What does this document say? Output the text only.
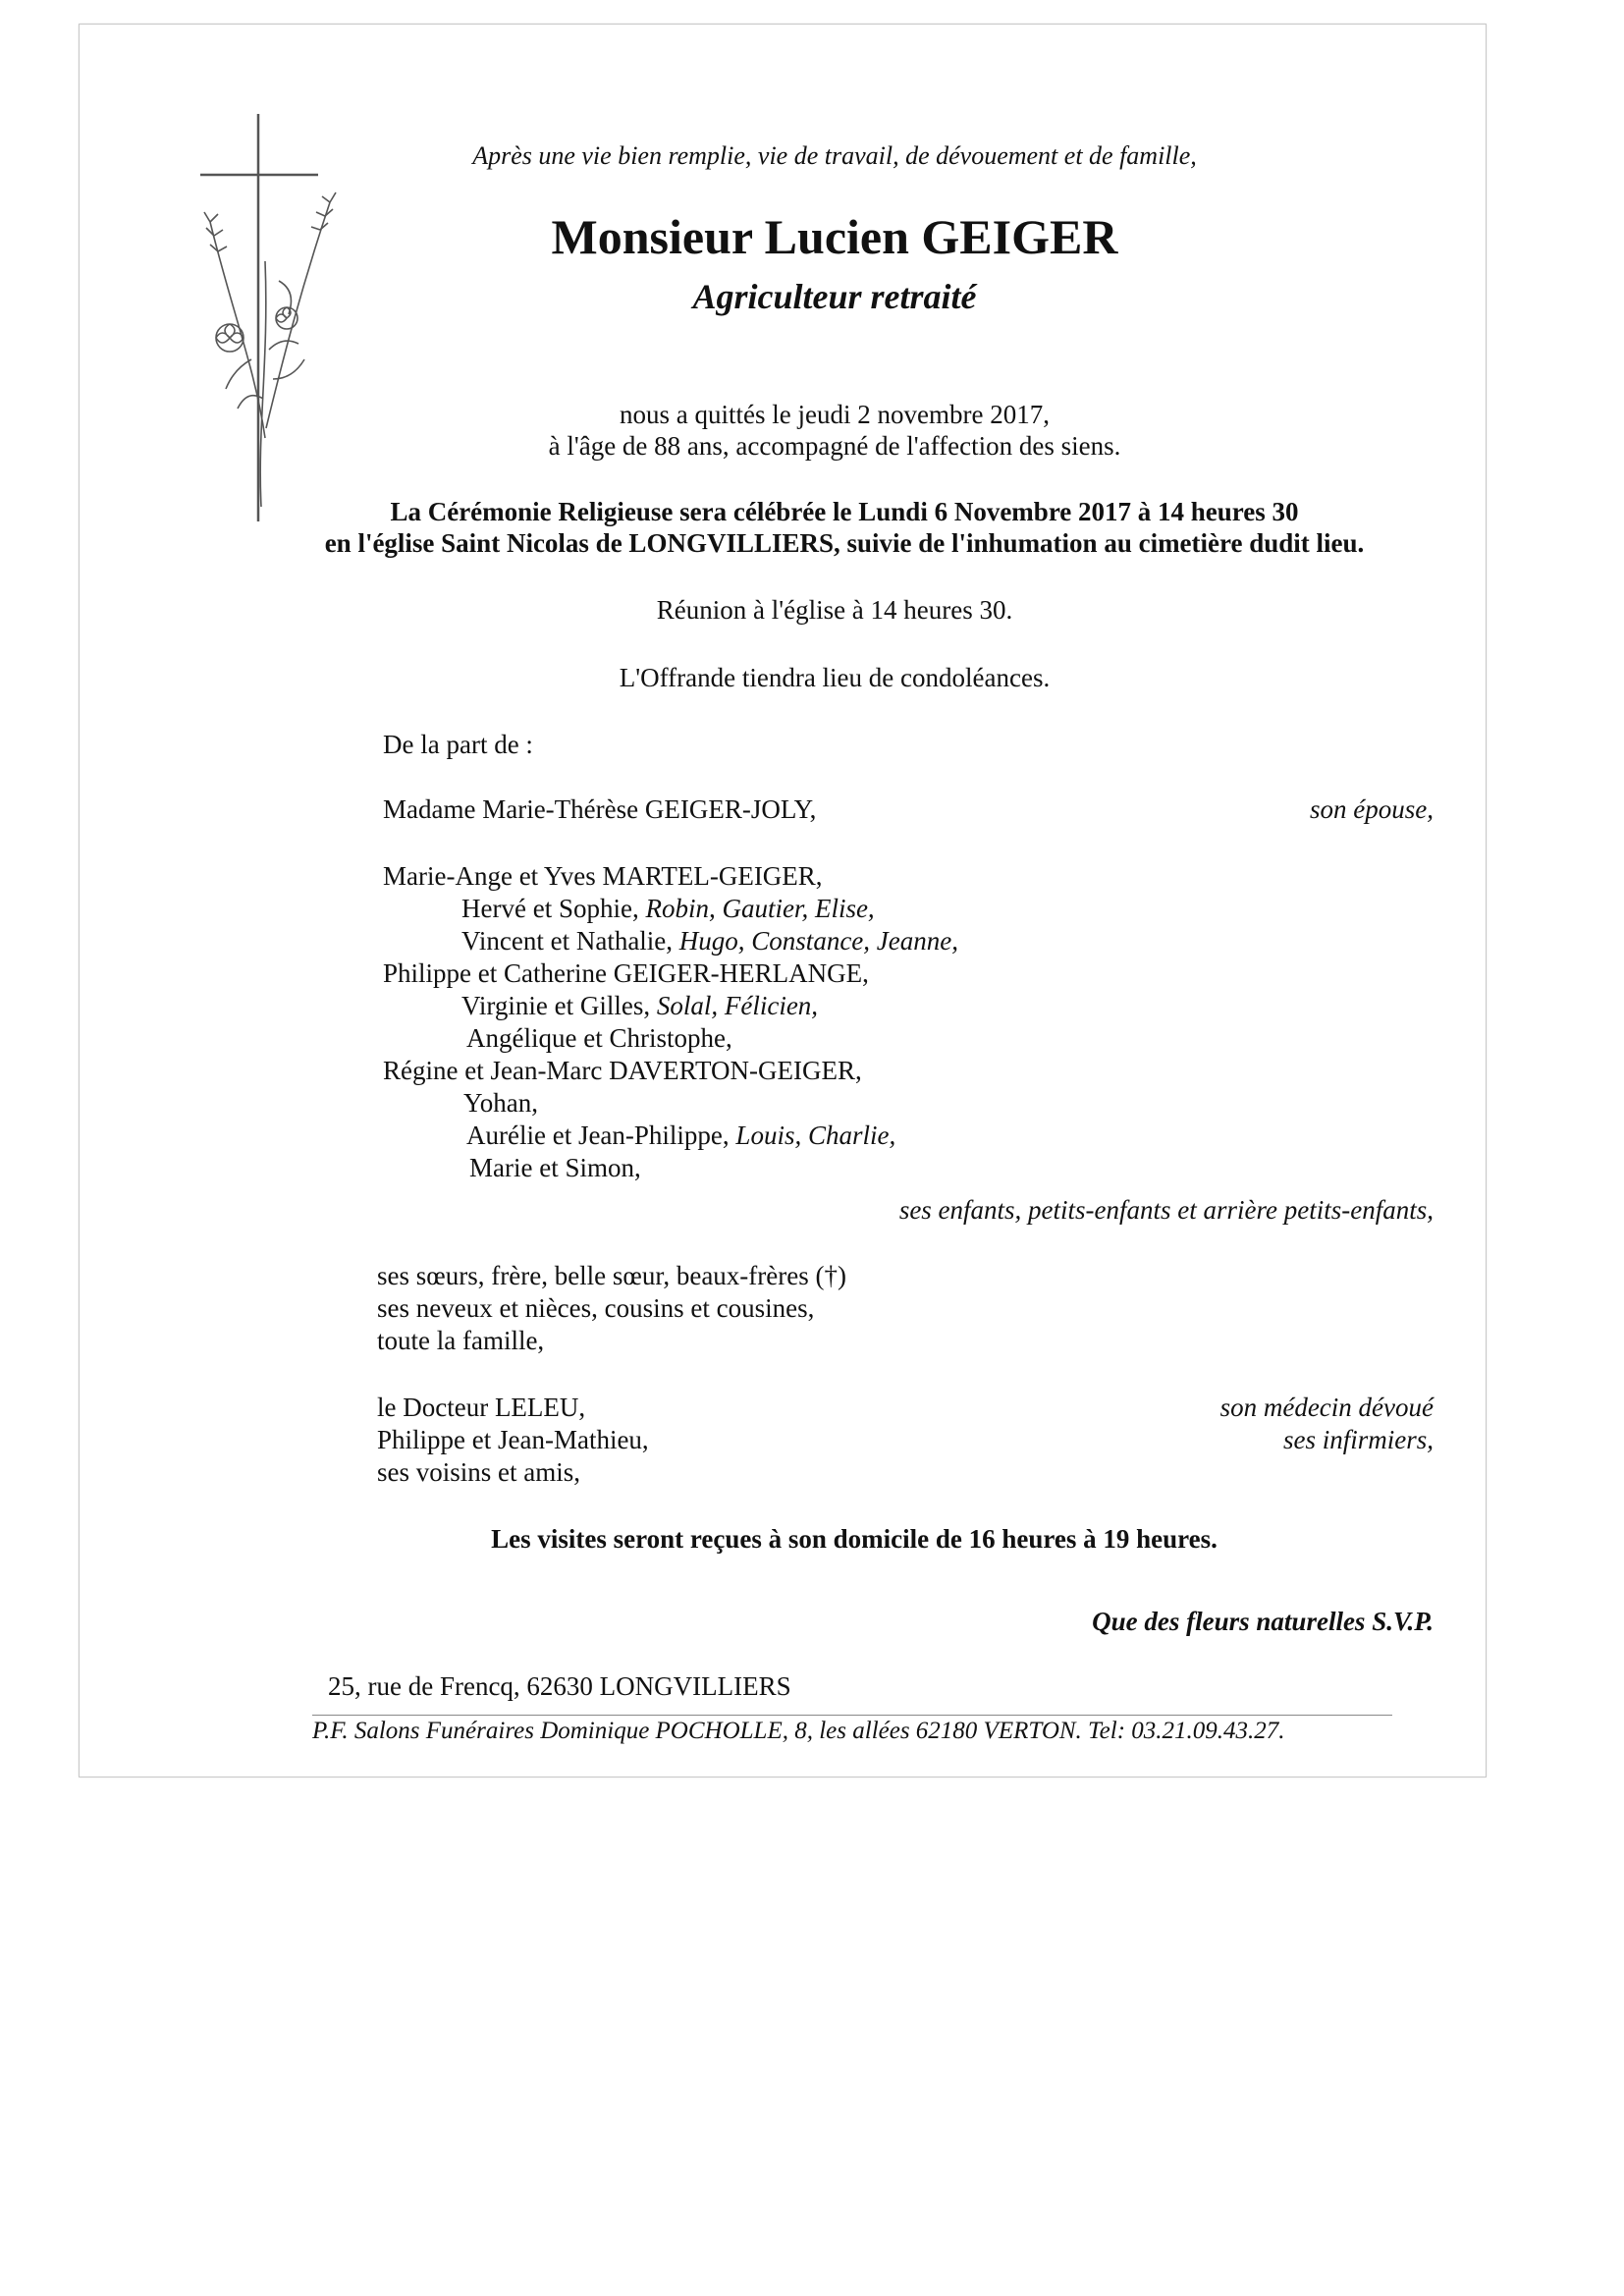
Après une vie bien remplie, vie de travail, de dévouement et de famille,
Monsieur Lucien GEIGER
Agriculteur retraité
nous a quittés le jeudi 2 novembre 2017,
à l'âge de 88 ans, accompagné de l'affection des siens.
La Cérémonie Religieuse sera célébrée le Lundi 6 Novembre 2017 à 14 heures 30
en l'église Saint Nicolas de LONGVILLIERS, suivie de l'inhumation au cimetière dudit lieu.
Réunion à l'église à 14 heures 30.
L'Offrande tiendra lieu de condoléances.
De la part de :
Madame Marie-Thérèse GEIGER-JOLY,	son épouse,
Marie-Ange et Yves MARTEL-GEIGER,
Hervé et Sophie, Robin, Gautier, Elise,
Vincent et Nathalie, Hugo, Constance, Jeanne,
Philippe et Catherine GEIGER-HERLANGE,
Virginie et Gilles, Solal, Félicien,
Angélique et Christophe,
Régine et Jean-Marc DAVERTON-GEIGER,
Yohan,
Aurélie et Jean-Philippe, Louis, Charlie,
Marie et Simon,
ses enfants, petits-enfants et arrière petits-enfants,
ses sœurs, frère, belle sœur, beaux-frères (†)
ses neveux et nièces, cousins et cousines,
toute la famille,
le Docteur LELEU,	son médecin dévoué
Philippe et Jean-Mathieu,	ses infirmiers,
ses voisins et amis,
Les visites seront reçues à son domicile de 16 heures à 19 heures.
Que des fleurs naturelles S.V.P.
25, rue de Frencq, 62630 LONGVILLIERS
P.F. Salons Funéraires Dominique POCHOLLE, 8, les allées 62180 VERTON. Tel: 03.21.09.43.27.
